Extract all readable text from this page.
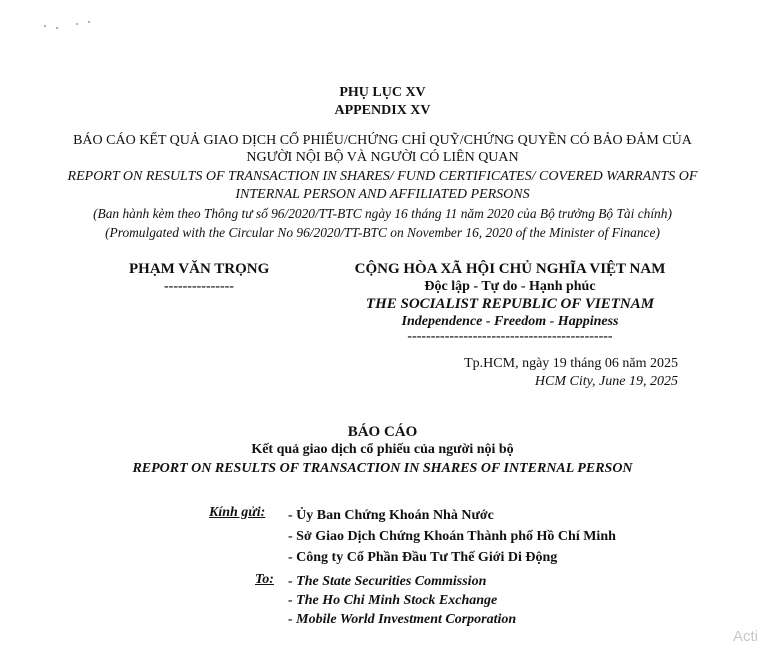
PHỤ LỤC XV
APPENDIX XV
BÁO CÁO KẾT QUẢ GIAO DỊCH CỔ PHIẾU/CHỨNG CHỈ QUỸ/CHỨNG QUYỀN CÓ BẢO ĐẢM CỦA
NGƯỜI NỘI BỘ VÀ NGƯỜI CÓ LIÊN QUAN
REPORT ON RESULTS OF TRANSACTION IN SHARES/ FUND CERTIFICATES/ COVERED WARRANTS OF
INTERNAL PERSON AND AFFILIATED PERSONS
(Ban hành kèm theo Thông tư số 96/2020/TT-BTC ngày 16 tháng 11 năm 2020 của Bộ trưởng Bộ Tài chính)
(Promulgated with the Circular No 96/2020/TT-BTC on November 16, 2020 of the Minister of Finance)
PHẠM VĂN TRỌNG
---------------
CỘNG HÒA XÃ HỘI CHỦ NGHĨA VIỆT NAM
Độc lập - Tự do - Hạnh phúc
THE SOCIALIST REPUBLIC OF VIETNAM
Independence - Freedom - Happiness
--------------------------------------------
Tp.HCM, ngày 19 tháng 06 năm 2025
HCM City, June 19, 2025
BÁO CÁO
Kết quả giao dịch cổ phiếu của người nội bộ
REPORT ON RESULTS OF TRANSACTION IN SHARES OF INTERNAL PERSON
Kính gửi: - Ủy Ban Chứng Khoán Nhà Nước
- Sở Giao Dịch Chứng Khoán Thành phố Hồ Chí Minh
- Công ty Cổ Phần Đầu Tư Thế Giới Di Động
To: - The State Securities Commission
- The Ho Chi Minh Stock Exchange
- Mobile World Investment Corporation
Acti
